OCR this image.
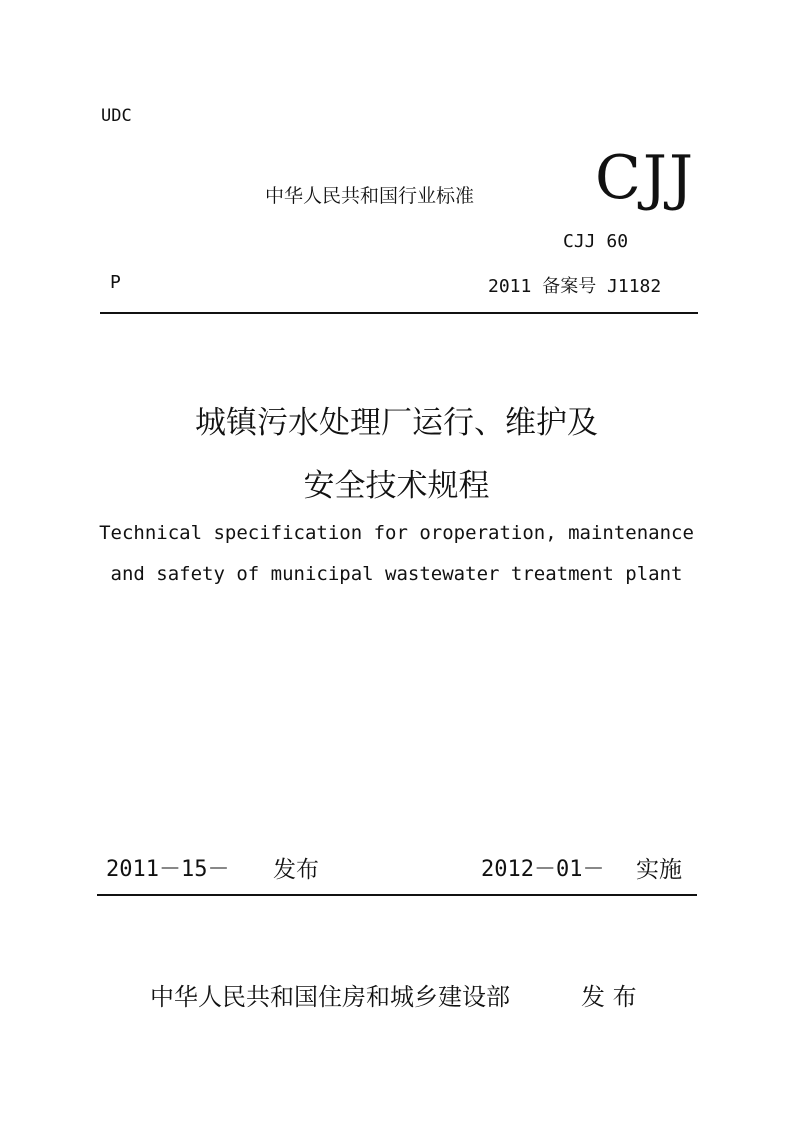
UDC
中华人民共和国行业标准 CJJ
CJJ 60
P	2011 备案号 J1182
城镇污水处理厂运行、维护及
安全技术规程
Technical specification for oroperation, maintenance
and safety of municipal wastewater treatment plant
2011－15－ 发布	2012－01－ 实施
中华人民共和国住房和城乡建设部	发 布
